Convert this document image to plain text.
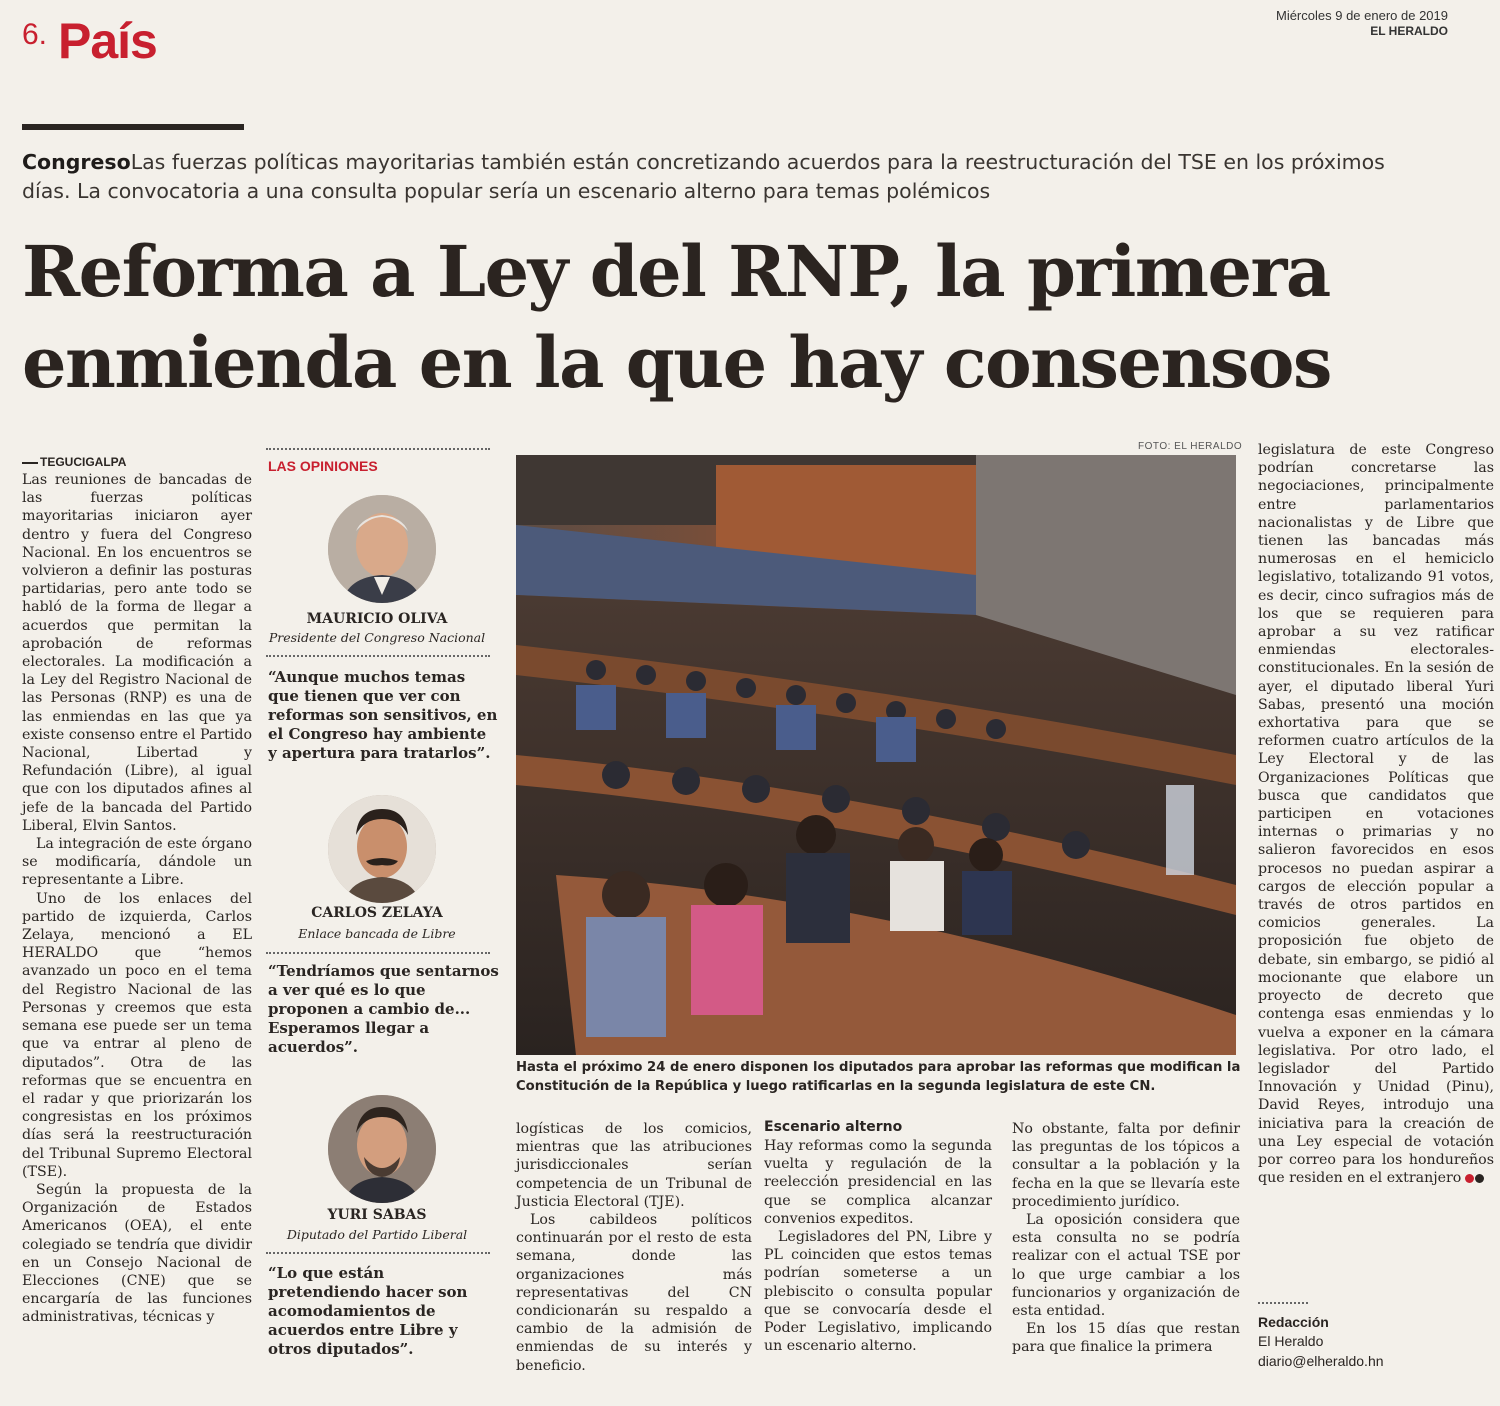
6. País	Miércoles 9 de enero de 2019
EL HERALDO
CongresoLas fuerzas políticas mayoritarias también están concretizando acuerdos para la reestructuración del TSE en los próximos días. La convocatoria a una consulta popular sería un escenario alterno para temas polémicos
Reforma a Ley del RNP, la primera
enmienda en la que hay consensos
TEGUCIGALPA

Las reuniones de bancadas de las fuerzas políticas mayoritarias iniciaron ayer dentro y fuera del Congreso Nacional. En los encuentros se volvieron a definir las posturas partidarias, pero ante todo se habló de la forma de llegar a acuerdos que permitan la aprobación de reformas electorales. La modificación a la Ley del Registro Nacional de las Personas (RNP) es una de las enmiendas en las que ya existe consenso entre el Partido Nacional, Libertad y Refundación (Libre), al igual que con los diputados afines al jefe de la bancada del Partido Liberal, Elvin Santos.

La integración de este órgano se modificaría, dándole un representante a Libre.

Uno de los enlaces del partido de izquierda, Carlos Zelaya, mencionó a EL HERALDO que “hemos avanzado un poco en el tema del Registro Nacional de las Personas y creemos que esta semana ese puede ser un tema que va entrar al pleno de diputados”. Otra de las reformas que se encuentra en el radar y que priorizarán los congresistas en los próximos días será la reestructuración del Tribunal Supremo Electoral (TSE).

Según la propuesta de la Organización de Estados Americanos (OEA), el ente colegiado se tendría que dividir en un Consejo Nacional de Elecciones (CNE) que se encargaría de las funciones administrativas, técnicas y

LAS OPINIONES
MAURICIO OLIVA
Presidente del Congreso Nacional
“Aunque muchos temas que tienen que ver con reformas son sensitivos, en el Congreso hay ambiente y apertura para tratarlos”.
CARLOS ZELAYA
Enlace bancada de Libre
“Tendríamos que sentarnos a ver qué es lo que proponen a cambio de... Esperamos llegar a acuerdos”.
YURI SABAS
Diputado del Partido Liberal
“Lo que están pretendiendo hacer son acomodamientos de acuerdos entre Libre y otros diputados”.
FOTO: EL HERALDO
Hasta el próximo 24 de enero disponen los diputados para aprobar las reformas que modifican la Constitución de la República y luego ratificarlas en la segunda legislatura de este CN.

logísticas de los comicios, mientras que las atribuciones jurisdiccionales serían competencia de un Tribunal de Justicia Electoral (TJE).

Los cabildeos políticos continuarán por el resto de esta semana, donde las organizaciones más representativas del CN condicionarán su respaldo a cambio de la admisión de enmiendas de su interés y beneficio.

Escenario alterno

Hay reformas como la segunda vuelta y regulación de la reelección presidencial en las que se complica alcanzar convenios expeditos.

Legisladores del PN, Libre y PL coinciden que estos temas podrían someterse a un plebiscito o consulta popular que se convocaría desde el Poder Legislativo, implicando un escenario alterno.

No obstante, falta por definir las preguntas de los tópicos a consultar a la población y la fecha en la que se llevaría este procedimiento jurídico.

La oposición considera que esta consulta no se podría realizar con el actual TSE por lo que urge cambiar a los funcionarios y organización de esta entidad.

En los 15 días que restan para que finalice la primera

legislatura de este Congreso podrían concretarse las negociaciones, principalmente entre parlamentarios nacionalistas y de Libre que tienen las bancadas más numerosas en el hemiciclo legislativo, totalizando 91 votos, es decir, cinco sufragios más de los que se requieren para aprobar a su vez ratificar enmiendas electorales-constitucionales. En la sesión de ayer, el diputado liberal Yuri Sabas, presentó una moción exhortativa para que se reformen cuatro artículos de la Ley Electoral y de las Organizaciones Políticas que busca que candidatos que participen en votaciones internas o primarias y no salieron favorecidos en esos procesos no puedan aspirar a cargos de elección popular a través de otros partidos en comicios generales. La proposición fue objeto de debate, sin embargo, se pidió al mocionante que elabore un proyecto de decreto que contenga esas enmiendas y lo vuelva a exponer en la cámara legislativa. Por otro lado, el legislador del Partido Innovación y Unidad (Pinu), David Reyes, introdujo una iniciativa para la creación de una Ley especial de votación por correo para los hondureños que residen en el extranjero

Redacción
El Heraldo
diario@elheraldo.hn
